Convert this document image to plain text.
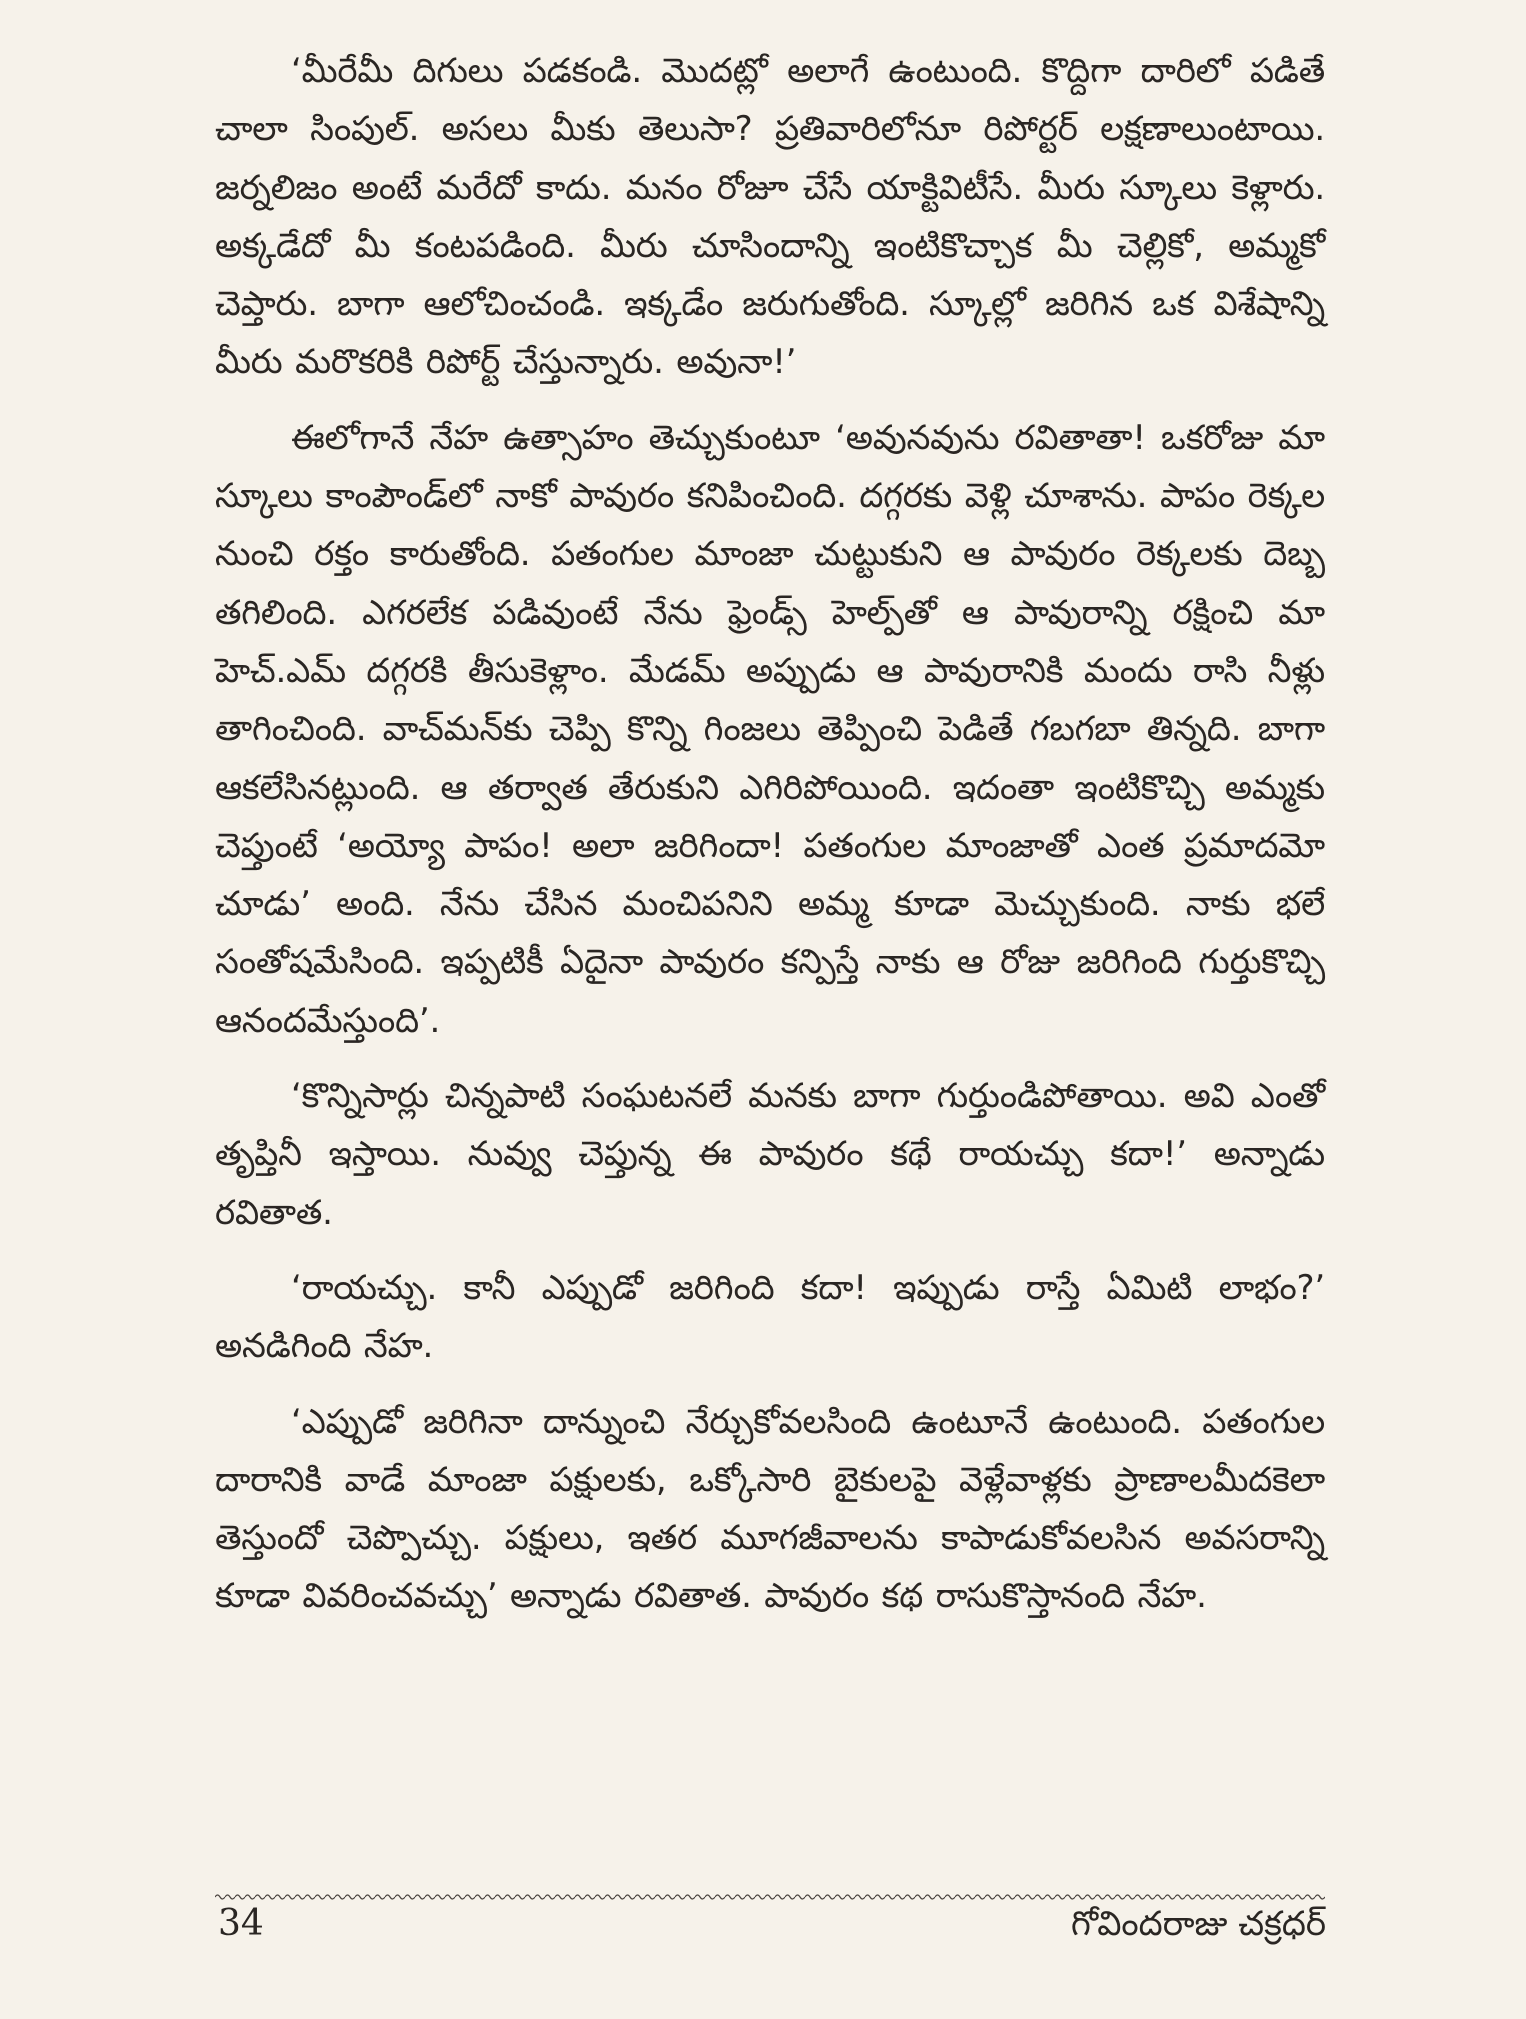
‘మీరేమీ దిగులు పడకండి. మొదట్లో అలాగే ఉంటుంది. కొద్దిగా దారిలో పడితే చాలా సింపుల్. అసలు మీకు తెలుసా? ప్రతివారిలోనూ రిపోర్టర్ లక్షణాలుంటాయి. జర్నలిజం అంటే మరేదో కాదు. మనం రోజూ చేసే యాక్టివిటీసే. మీరు స్కూలు కెళ్లారు. అక్కడేదో మీ కంటపడింది. మీరు చూసిందాన్ని ఇంటికొచ్చాక మీ చెల్లికో, అమ్మకో చెప్తారు. బాగా ఆలోచించండి. ఇక్కడేం జరుగుతోంది. స్కూల్లో జరిగిన ఒక విశేషాన్ని మీరు మరొకరికి రిపోర్ట్ చేస్తున్నారు. అవునా!’

ఈలోగానే నేహ ఉత్సాహం తెచ్చుకుంటూ ‘అవునవును రవితాతా! ఒకరోజు మా స్కూలు కాంపౌండ్‌లో నాకో పావురం కనిపించింది. దగ్గరకు వెళ్లి చూశాను. పాపం రెక్కల నుంచి రక్తం కారుతోంది. పతంగుల మాంజా చుట్టుకుని ఆ పావురం రెక్కలకు దెబ్బ తగిలింది. ఎగరలేక పడివుంటే నేను ఫ్రెండ్స్ హెల్ప్‌తో ఆ పావురాన్ని రక్షించి మా హెచ్.ఎమ్ దగ్గరకి తీసుకెళ్లాం. మేడమ్ అప్పుడు ఆ పావురానికి మందు రాసి నీళ్లు తాగించింది. వాచ్‌మన్‌కు చెప్పి కొన్ని గింజలు తెప్పించి పెడితే గబగబా తిన్నది. బాగా ఆకలేసినట్లుంది. ఆ తర్వాత తేరుకుని ఎగిరిపోయింది. ఇదంతా ఇంటికొచ్చి అమ్మకు చెప్తుంటే ‘అయ్యో పాపం! అలా జరిగిందా! పతంగుల మాంజాతో ఎంత ప్రమాదమో చూడు’ అంది. నేను చేసిన మంచిపనిని అమ్మ కూడా మెచ్చుకుంది. నాకు భలే సంతోషమేసింది. ఇప్పటికీ ఏదైనా పావురం కన్పిస్తే నాకు ఆ రోజు జరిగింది గుర్తుకొచ్చి ఆనందమేస్తుంది’.

‘కొన్నిసార్లు చిన్నపాటి సంఘటనలే మనకు బాగా గుర్తుండిపోతాయి. అవి ఎంతో తృప్తినీ ఇస్తాయి. నువ్వు చెప్తున్న ఈ పావురం కథే రాయచ్చు కదా!’ అన్నాడు రవితాత.

‘రాయచ్చు. కానీ ఎప్పుడో జరిగింది కదా! ఇప్పుడు రాస్తే ఏమిటి లాభం?’ అనడిగింది నేహ.

‘ఎప్పుడో జరిగినా దాన్నుంచి నేర్చుకోవలసింది ఉంటూనే ఉంటుంది. పతంగుల దారానికి వాడే మాంజా పక్షులకు, ఒక్కోసారి బైకులపై వెళ్లేవాళ్లకు ప్రాణాలమీదకెలా తెస్తుందో చెప్పొచ్చు. పక్షులు, ఇతర మూగజీవాలను కాపాడుకోవలసిన అవసరాన్ని కూడా వివరించవచ్చు’ అన్నాడు రవితాత. పావురం కథ రాసుకొస్తానంది నేహ.

34	గోవిందరాజు చక్రధర్
